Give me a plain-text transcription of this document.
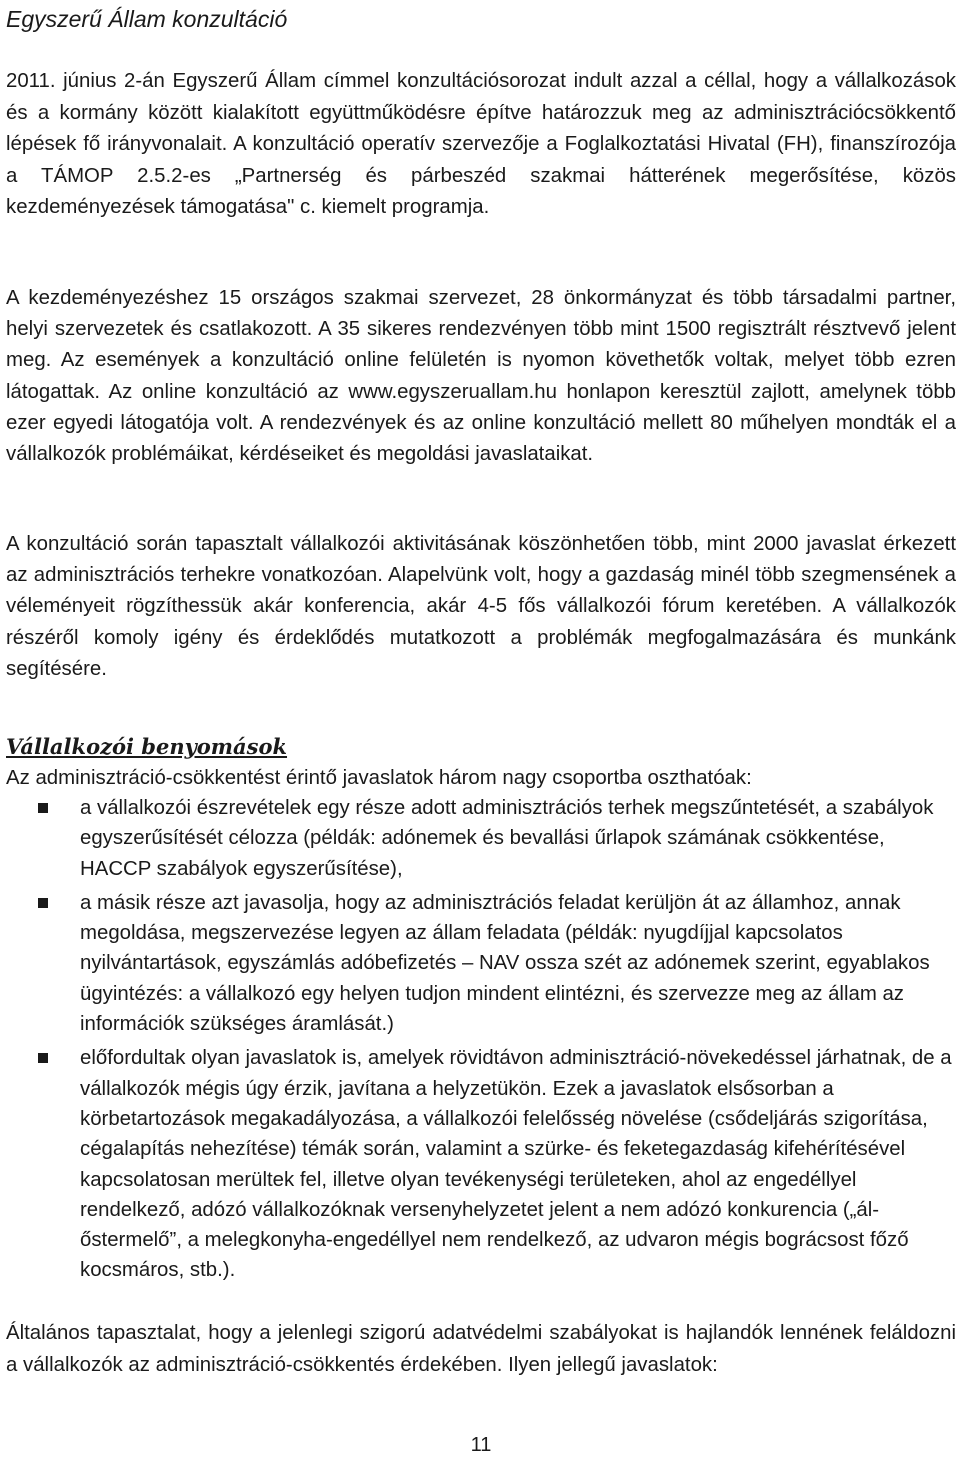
Egyszerű Állam konzultáció

2011. június 2-án Egyszerű Állam címmel konzultációsorozat indult azzal a céllal, hogy a vállalkozások és a kormány között kialakított együttműködésre építve határozzuk meg az adminisztrációcsökkentő lépések fő irányvonalait. A konzultáció operatív szervezője a Foglalkoztatási Hivatal (FH), finanszírozója a TÁMOP 2.5.2-es „Partnerség és párbeszéd szakmai hátterének megerősítése, közös kezdeményezések támogatása" c. kiemelt programja.

A kezdeményezéshez 15 országos szakmai szervezet, 28 önkormányzat és több társadalmi partner, helyi szervezetek és csatlakozott. A 35 sikeres rendezvényen több mint 1500 regisztrált résztvevő jelent meg. Az események a konzultáció online felületén is nyomon követhetők voltak, melyet több ezren látogattak. Az online konzultáció az www.egyszeruallam.hu honlapon keresztül zajlott, amelynek több ezer egyedi látogatója volt. A rendezvények és az online konzultáció mellett 80 műhelyen mondták el a vállalkozók problémáikat, kérdéseiket és megoldási javaslataikat.

A konzultáció során tapasztalt vállalkozói aktivitásának köszönhetően több, mint 2000 javaslat érkezett az adminisztrációs terhekre vonatkozóan. Alapelvünk volt, hogy a gazdaság minél több szegmensének a véleményeit rögzíthessük akár konferencia, akár 4-5 fős vállalkozói fórum keretében. A vállalkozók részéről komoly igény és érdeklődés mutatkozott a problémák megfogalmazására és munkánk segítésére.

Vállalkozói benyomások

Az adminisztráció-csökkentést érintő javaslatok három nagy csoportba oszthatóak:

a vállalkozói észrevételek egy része adott adminisztrációs terhek megszűntetését, a szabályok egyszerűsítését célozza (példák: adónemek és bevallási űrlapok számának csökkentése, HACCP szabályok egyszerűsítése),
a másik része azt javasolja, hogy az adminisztrációs feladat kerüljön át az államhoz, annak megoldása, megszervezése legyen az állam feladata (példák: nyugdíjjal kapcsolatos nyilvántartások, egyszámlás adóbefizetés – NAV ossza szét az adónemek szerint, egyablakos ügyintézés: a vállalkozó egy helyen tudjon mindent elintézni, és szervezze meg az állam az információk szükséges áramlását.)
előfordultak olyan javaslatok is, amelyek rövidtávon adminisztráció-növekedéssel járhatnak, de a vállalkozók mégis úgy érzik, javítana a helyzetükön. Ezek a javaslatok elsősorban a körbetartozások megakadályozása, a vállalkozói felelősség növelése (csődeljárás szigorítása, cégalapítás nehezítése) témák során, valamint a szürke- és feketegazdaság kifehérítésével kapcsolatosan merültek fel, illetve olyan tevékenységi területeken, ahol az engedéllyel rendelkező, adózó vállalkozóknak versenyhelyzetet jelent a nem adózó konkurencia („ál-őstermelő”, a melegkonyha-engedéllyel nem rendelkező, az udvaron mégis bográcsost főző kocsmáros, stb.).

Általános tapasztalat, hogy a jelenlegi szigorú adatvédelmi szabályokat is hajlandók lennének feláldozni a vállalkozók az adminisztráció-csökkentés érdekében. Ilyen jellegű javaslatok:

11
